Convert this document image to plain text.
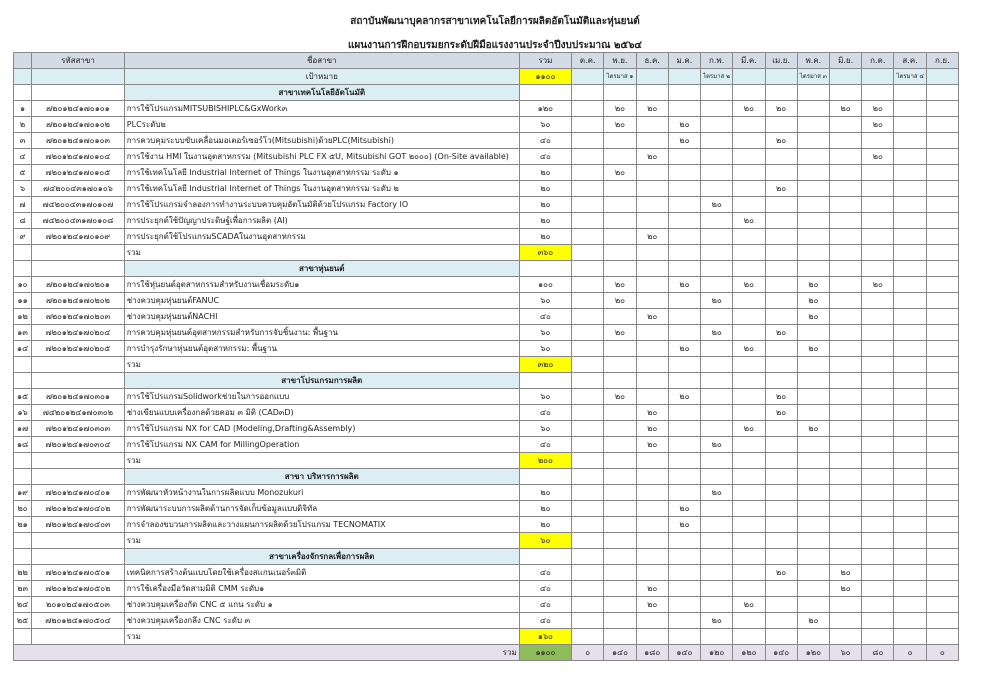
สถาบันพัฒนาบุคลากรสาขาเทคโนโลยีการผลิตอัตโนมัติและหุ่นยนต์
แผนงานการฝึกอบรมยกระดับฝีมือแรงงานประจำปีงบประมาณ ๒๕๖๔
	รหัสสาขา	ชื่อสาขา	รวม	ต.ค.	พ.ย.	ธ.ค.	ม.ค.	ก.พ.	มี.ค.	เม.ย.	พ.ค.	มิ.ย.	ก.ค.	ส.ค.	ก.ย.
		เป้าหมาย	๑๑๐๐		ไตรมาส ๑			ไตรมาส ๒			ไตรมาส ๓			ไตรมาส ๔	
		สาขาเทคโนโลยีอัตโนมัติ													
๑	๗๒๐๑๒๔๑๗๐๑๐๑	การใช้โปรแกรมMITSUBISHIPLC&GxWork๓	๑๒๐		๒๐	๒๐			๒๐	๒๐		๒๐	๒๐		
๒	๗๒๐๑๒๔๑๗๐๑๐๒	PLCระดับ๒	๖๐		๒๐		๒๐						๒๐		
๓	๗๒๐๑๒๔๑๗๐๑๐๓	การควบคุมระบบขับเคลื่อนมอเตอร์เซอร์โว(Mitsubishi)ด้วยPLC(Mitsubishi)	๔๐				๒๐			๒๐					
๔	๗๒๐๑๒๔๑๗๐๑๐๔	การใช้งาน HMI ในงานอุตสาหกรรม (Mitsubishi PLC FX ๕U, Mitsubishi GOT ๒๐๐๐) (On-Site available)	๔๐			๒๐							๒๐		
๕	๗๒๐๑๒๔๑๗๐๑๐๕	การใช้เทคโนโลยี Industrial Internet of Things ในงานอุตสาหกรรม ระดับ ๑	๒๐		๒๐										
๖	๗๔๒๐๐๔๓๑๗๐๑๐๖	การใช้เทคโนโลยี Industrial Internet of Things ในงานอุตสาหกรรม ระดับ ๒	๒๐							๒๐					
๗	๗๔๒๐๐๔๓๑๗๐๑๐๗	การใช้โปรแกรมจำลองการทำงานระบบควบคุมอัตโนมัติด้วยโปรแกรม Factory IO	๒๐					๒๐							
๘	๗๔๒๐๐๔๓๑๗๐๑๐๘	การประยุกต์ใช้ปัญญาประดิษฐ์เพื่อการผลิต (AI)	๒๐						๒๐						
๙	๗๒๐๑๒๔๑๗๐๑๐๙	การประยุกต์ใช้โปรแกรมSCADAในงานอุตสาหกรรม	๒๐			๒๐									
		รวม	๓๖๐												
		สาขาหุ่นยนต์													
๑๐	๗๒๐๑๒๔๑๗๐๒๐๑	การใช้หุ่นยนต์อุตสาหกรรมสำหรับงานเชื่อมระดับ๑	๑๐๐		๒๐		๒๐		๒๐		๒๐		๒๐		
๑๑	๗๒๐๑๒๔๑๗๐๒๐๒	ช่างควบคุมหุ่นยนต์FANUC	๖๐		๒๐			๒๐			๒๐				
๑๒	๗๒๐๑๒๔๑๗๐๒๐๓	ช่างควบคุมหุ่นยนต์NACHI	๔๐			๒๐					๒๐				
๑๓	๗๒๐๑๒๔๑๗๐๒๐๔	การควบคุมหุ่นยนต์อุตสาหกรรมสำหรับการจับชิ้นงาน: พื้นฐาน	๖๐		๒๐			๒๐		๒๐					
๑๔	๗๒๐๑๒๔๑๗๐๒๐๕	การบำรุงรักษาหุ่นยนต์อุตสาหกรรม: พื้นฐาน	๖๐				๒๐		๒๐		๒๐				
		รวม	๓๒๐												
		สาขาโปรแกรมการผลิต													
๑๕	๗๒๐๑๒๔๑๗๐๓๐๑	การใช้โปรแกรมSolidworkช่วยในการออกแบบ	๖๐		๒๐		๒๐			๒๐					
๑๖	๗๔๒๐๑๒๔๑๗๐๓๐๒	ช่างเขียนแบบเครื่องกลด้วยคอม ๓ มิติ (CAD๓D)	๔๐			๒๐				๒๐					
๑๗	๗๒๐๑๒๔๑๗๐๓๐๓	การใช้โปรแกรม NX for CAD (Modeling,Drafting&Assembly)	๖๐			๒๐			๒๐		๒๐				
๑๘	๗๒๐๑๒๔๑๗๐๓๐๔	การใช้โปรแกรม NX CAM for MillingOperation	๔๐			๒๐		๒๐							
		รวม	๒๐๐												
		สาขา บริหารการผลิต													
๑๙	๗๒๐๑๒๔๑๗๐๔๐๑	การพัฒนาหัวหน้างานในการผลิตแบบ Monozukuri	๒๐					๒๐							
๒๐	๗๒๐๑๒๔๑๗๐๔๐๒	การพัฒนาระบบการผลิตด้านการจัดเก็บข้อมูลแบบดิจิทัล	๒๐				๒๐								
๒๑	๗๒๐๑๒๔๑๗๐๔๐๓	การจำลองขบวนการผลิตและวางแผนการผลิตด้วยโปรแกรม TECNOMATIX	๒๐				๒๐								
		รวม	๖๐												
		สาขาเครื่องจักรกลเพื่อการผลิต													
๒๒	๗๒๐๑๒๔๑๗๐๕๐๑	เทคนิคการสร้างต้นแบบโดยใช้เครื่องสแกนเนอร์๓มิติ	๔๐							๒๐		๒๐			
๒๓	๗๒๐๑๒๔๑๗๐๕๐๒	การใช้เครื่องมือวัดสามมิติ CMM ระดับ๑	๔๐			๒๐						๒๐			
๒๔	๒๐๑๐๒๔๑๗๐๕๐๓	ช่างควบคุมเครื่องกัด CNC ๕ แกน ระดับ ๑	๔๐			๒๐			๒๐						
๒๕	๗๒๐๑๒๔๑๗๐๕๐๔	ช่างควบคุมเครื่องกลึง CNC ระดับ ๓	๔๐					๒๐			๒๐				
		รวม	๑๖๐												
รวม			๑๑๐๐	๐	๑๔๐	๑๘๐	๑๔๐	๑๒๐	๑๒๐	๑๔๐	๑๒๐	๖๐	๘๐	๐	๐
